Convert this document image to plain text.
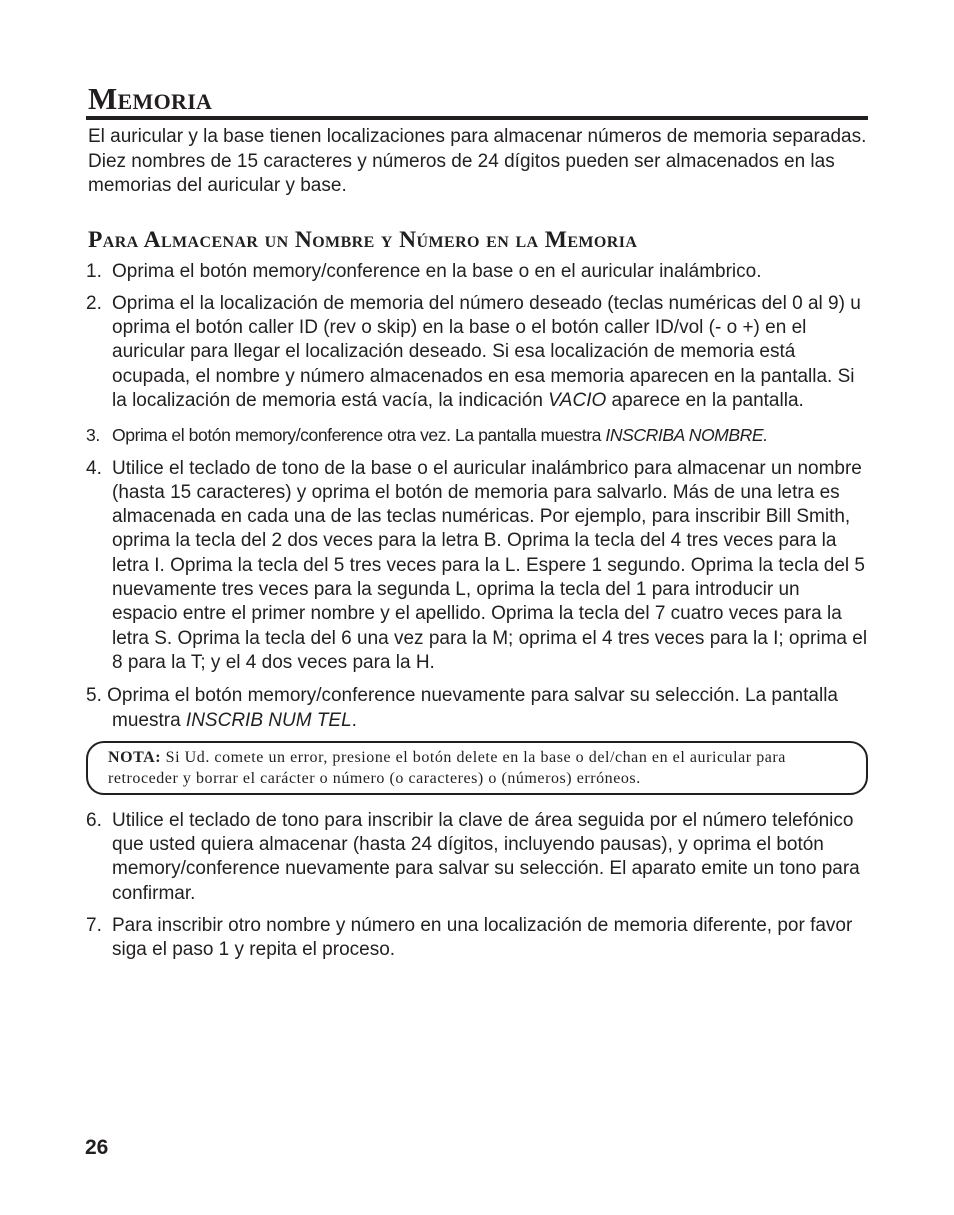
Memoria

El auricular y la base tienen localizaciones para almacenar números de memoria separadas. Diez nombres de 15 caracteres y números de 24 dígitos pueden ser almacenados en las memorias del auricular y base.

Para Almacenar un Nombre y Número en la Memoria
1. Oprima el botón memory/conference en la base o en el auricular inalámbrico.
2. Oprima el la localización de memoria del número deseado (teclas numéricas del 0 al 9) u oprima el botón caller ID (rev o skip) en la base o el botón caller ID/vol (- o +) en el auricular para llegar el localización deseado. Si esa localización de memoria está ocupada, el nombre y número almacenados en esa memoria aparecen en la pantalla. Si la localización de memoria está vacía, la indicación VACIO aparece en la pantalla.
3. Oprima el botón memory/conference otra vez. La pantalla muestra INSCRIBA NOMBRE.
4. Utilice el teclado de tono de la base o el auricular inalámbrico para almacenar un nombre (hasta 15 caracteres) y oprima el botón de memoria para salvarlo. Más de una letra es almacenada en cada una de las teclas numéricas. Por ejemplo, para inscribir Bill Smith, oprima la tecla del 2 dos veces para la letra B. Oprima la tecla del 4 tres veces para la letra I. Oprima la tecla del 5 tres veces para la L. Espere 1 segundo. Oprima la tecla del 5 nuevamente tres veces para la segunda L, oprima la tecla del 1 para introducir un espacio entre el primer nombre y el apellido. Oprima la tecla del 7 cuatro veces para la letra S. Oprima la tecla del 6 una vez para la M; oprima el 4 tres veces para la I; oprima el 8 para la T; y el 4 dos veces para la H.
5. Oprima el botón memory/conference nuevamente para salvar su selección. La pantalla muestra INSCRIB NUM TEL.
NOTA: Si Ud. comete un error, presione el botón delete en la base o del/chan en el auricular para retroceder y borrar el carácter o número (o caracteres) o (números) erróneos.
6. Utilice el teclado de tono para inscribir la clave de área seguida por el número telefónico que usted quiera almacenar (hasta 24 dígitos, incluyendo pausas), y oprima el botón memory/conference nuevamente para salvar su selección. El aparato emite un tono para confirmar.
7. Para inscribir otro nombre y número en una localización de memoria diferente, por favor siga el paso 1 y repita el proceso.
26
